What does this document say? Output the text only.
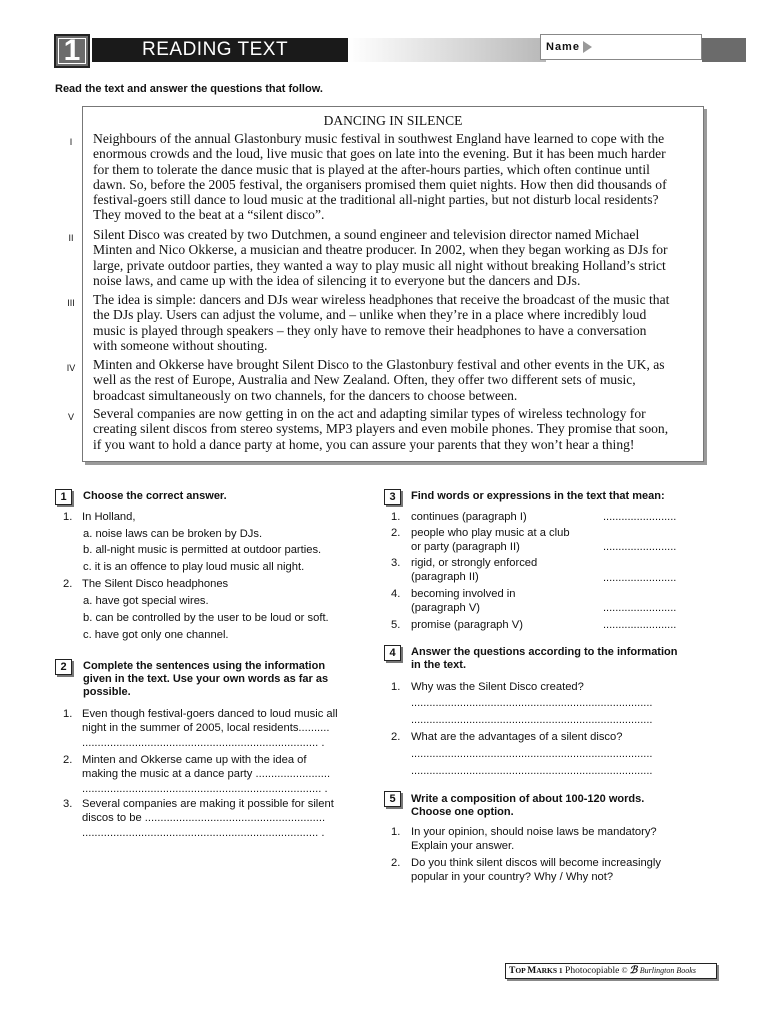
1	READING TEXT	Name
Read the text and answer the questions that follow.
DANCING IN SILENCE
I	Neighbours of the annual Glastonbury music festival in southwest England have learned to cope with the
enormous crowds and the loud, live music that goes on late into the evening. But it has been much harder
for them to tolerate the dance music that is played at the after-hours parties, which often continue until
dawn. So, before the 2005 festival, the organisers promised them quiet nights. How then did thousands of
festival-goers still dance to loud music at the traditional all-night parties, but not disturb local residents?
They moved to the beat at a “silent disco”.
II	Silent Disco was created by two Dutchmen, a sound engineer and television director named Michael
Minten and Nico Okkerse, a musician and theatre producer. In 2002, when they began working as DJs for
large, private outdoor parties, they wanted a way to play music all night without breaking Holland’s strict
noise laws, and came up with the idea of silencing it to everyone but the dancers and DJs.
III The idea is simple: dancers and DJs wear wireless headphones that receive the broadcast of the music that
the DJs play. Users can adjust the volume, and – unlike when they’re in a place where incredibly loud
music is played through speakers – they only have to remove their headphones to have a conversation
with someone without shouting.
IV Minten and Okkerse have brought Silent Disco to the Glastonbury festival and other events in the UK, as
well as the rest of Europe, Australia and New Zealand. Often, they offer two different sets of music,
broadcast simultaneously on two channels, for the dancers to choose between.
V Several companies are now getting in on the act and adapting similar types of wireless technology for
creating silent discos from stereo systems, MP3 players and even mobile phones. They promise that soon,
if you want to hold a dance party at home, you can assure your parents that they won’t hear a thing!
1	Choose the correct answer.
1. In Holland,
a. noise laws can be broken by DJs.
b. all-night music is permitted at outdoor parties.
c. it is an offence to play loud music all night.
2. The Silent Disco headphones
a. have got special wires.
b. can be controlled by the user to be loud or soft.
c. have got only one channel.
2	Complete the sentences using the information
given in the text. Use your own words as far as
possible.
1. Even though festival-goers danced to loud music all
night in the summer of 2005, local residents..........
............................................................................ .
2. Minten and Okkerse came up with the idea of
making the music at a dance party ........................
............................................................................. .
3. Several companies are making it possible for silent
discos to be ..........................................................
............................................................................ .
3	Find words or expressions in the text that mean:
1. continues (paragraph I)	........................
2. people who play music at a club
or party (paragraph II)	........................
3. rigid, or strongly enforced
(paragraph II)	........................
4. becoming involved in
(paragraph V)	........................
5. promise (paragraph V)	........................
4	Answer the questions according to the information
in the text.
1. Why was the Silent Disco created?
...............................................................................
...............................................................................
2. What are the advantages of a silent disco?
...............................................................................
...............................................................................
5	Write a composition of about 100-120 words.
Choose one option.
1. In your opinion, should noise laws be mandatory?
Explain your answer.
2. Do you think silent discos will become increasingly
popular in your country? Why / Why not?
TOP MARKS 1 Photocopiable © ℬ Burlington Books
